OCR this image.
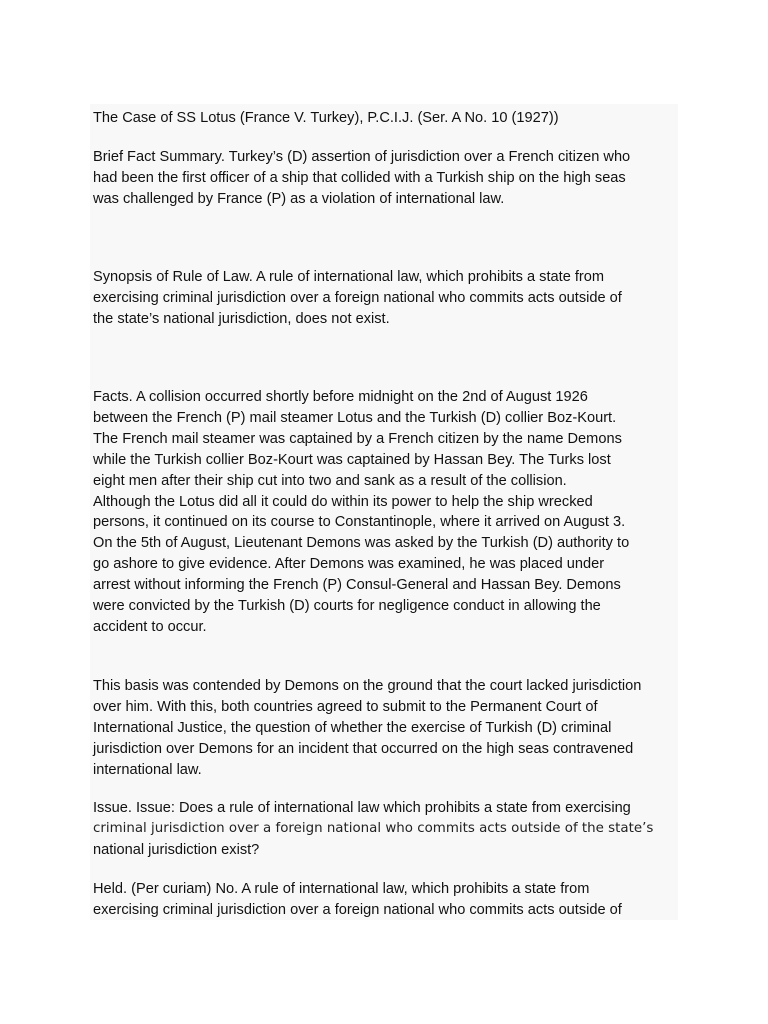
The Case of SS Lotus (France V. Turkey), P.C.I.J. (Ser. A No. 10 (1927))

Brief Fact Summary. Turkey’s (D) assertion of jurisdiction over a French citizen who
had been the first officer of a ship that collided with a Turkish ship on the high seas
was challenged by France (P) as a violation of international law.

Synopsis of Rule of Law. A rule of international law, which prohibits a state from
exercising criminal jurisdiction over a foreign national who commits acts outside of
the state’s national jurisdiction, does not exist.

Facts. A collision occurred shortly before midnight on the 2nd of August 1926
between the French (P) mail steamer Lotus and the Turkish (D) collier Boz-Kourt.
The French mail steamer was captained by a French citizen by the name Demons
while the Turkish collier Boz-Kourt was captained by Hassan Bey. The Turks lost
eight men after their ship cut into two and sank as a result of the collision.
Although the Lotus did all it could do within its power to help the ship wrecked
persons, it continued on its course to Constantinople, where it arrived on August 3.
On the 5th of August, Lieutenant Demons was asked by the Turkish (D) authority to
go ashore to give evidence. After Demons was examined, he was placed under
arrest without informing the French (P) Consul-General and Hassan Bey. Demons
were convicted by the Turkish (D) courts for negligence conduct in allowing the
accident to occur.

This basis was contended by Demons on the ground that the court lacked jurisdiction
over him. With this, both countries agreed to submit to the Permanent Court of
International Justice, the question of whether the exercise of Turkish (D) criminal
jurisdiction over Demons for an incident that occurred on the high seas contravened
international law.

Issue. Issue: Does a rule of international law which prohibits a state from exercising
criminal jurisdiction over a foreign national who commits acts outside of the state’s
national jurisdiction exist?

Held. (Per curiam) No. A rule of international law, which prohibits a state from
exercising criminal jurisdiction over a foreign national who commits acts outside of
